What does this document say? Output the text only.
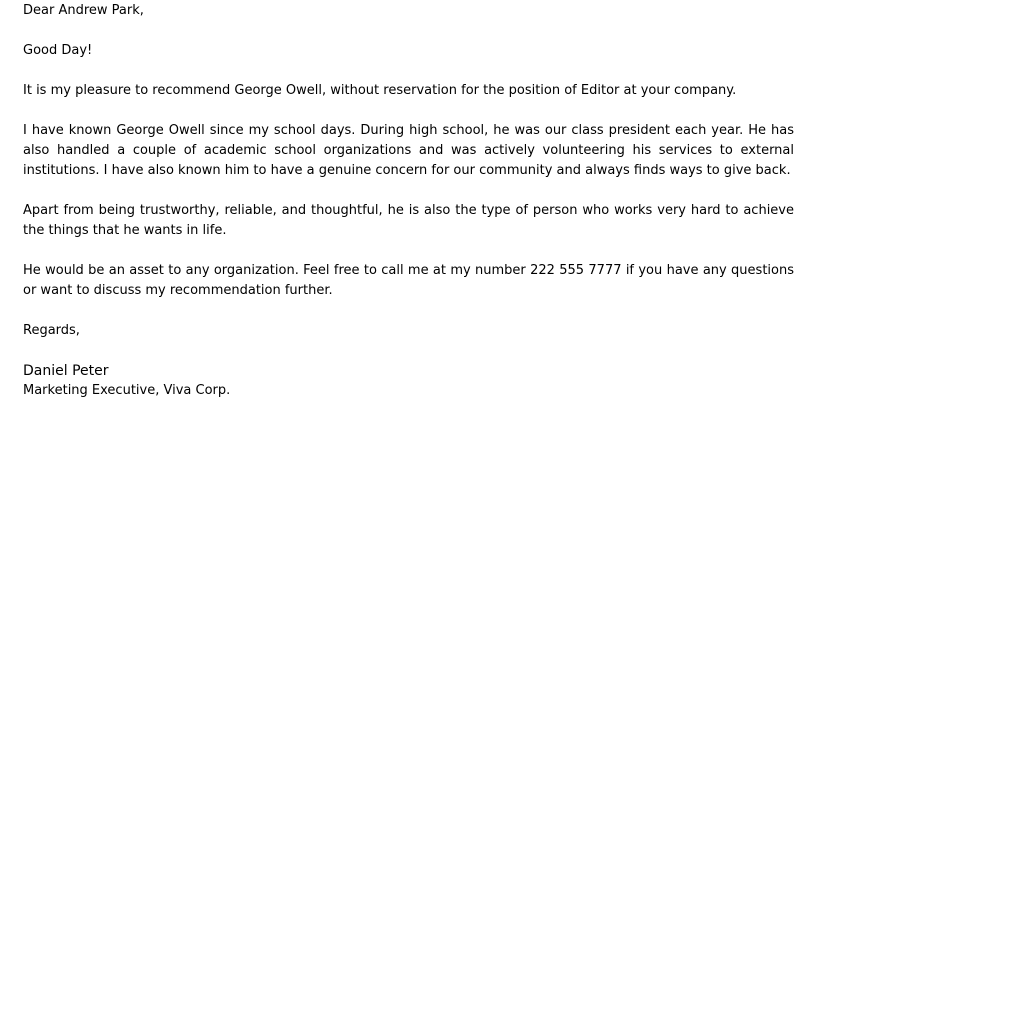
Dear Andrew Park,

Good Day!

It is my pleasure to recommend George Owell, without reservation for the position of Editor at your company.

I have known George Owell since my school days. During high school, he was our class president each year. He has also handled a couple of academic school organizations and was actively volunteering his services to external institutions. I have also known him to have a genuine concern for our community and always finds ways to give back.

Apart from being trustworthy, reliable, and thoughtful, he is also the type of person who works very hard to achieve the things that he wants in life.

He would be an asset to any organization. Feel free to call me at my number 222 555 7777 if you have any questions or want to discuss my recommendation further.

Regards,

Daniel Peter

Marketing Executive, Viva Corp.
